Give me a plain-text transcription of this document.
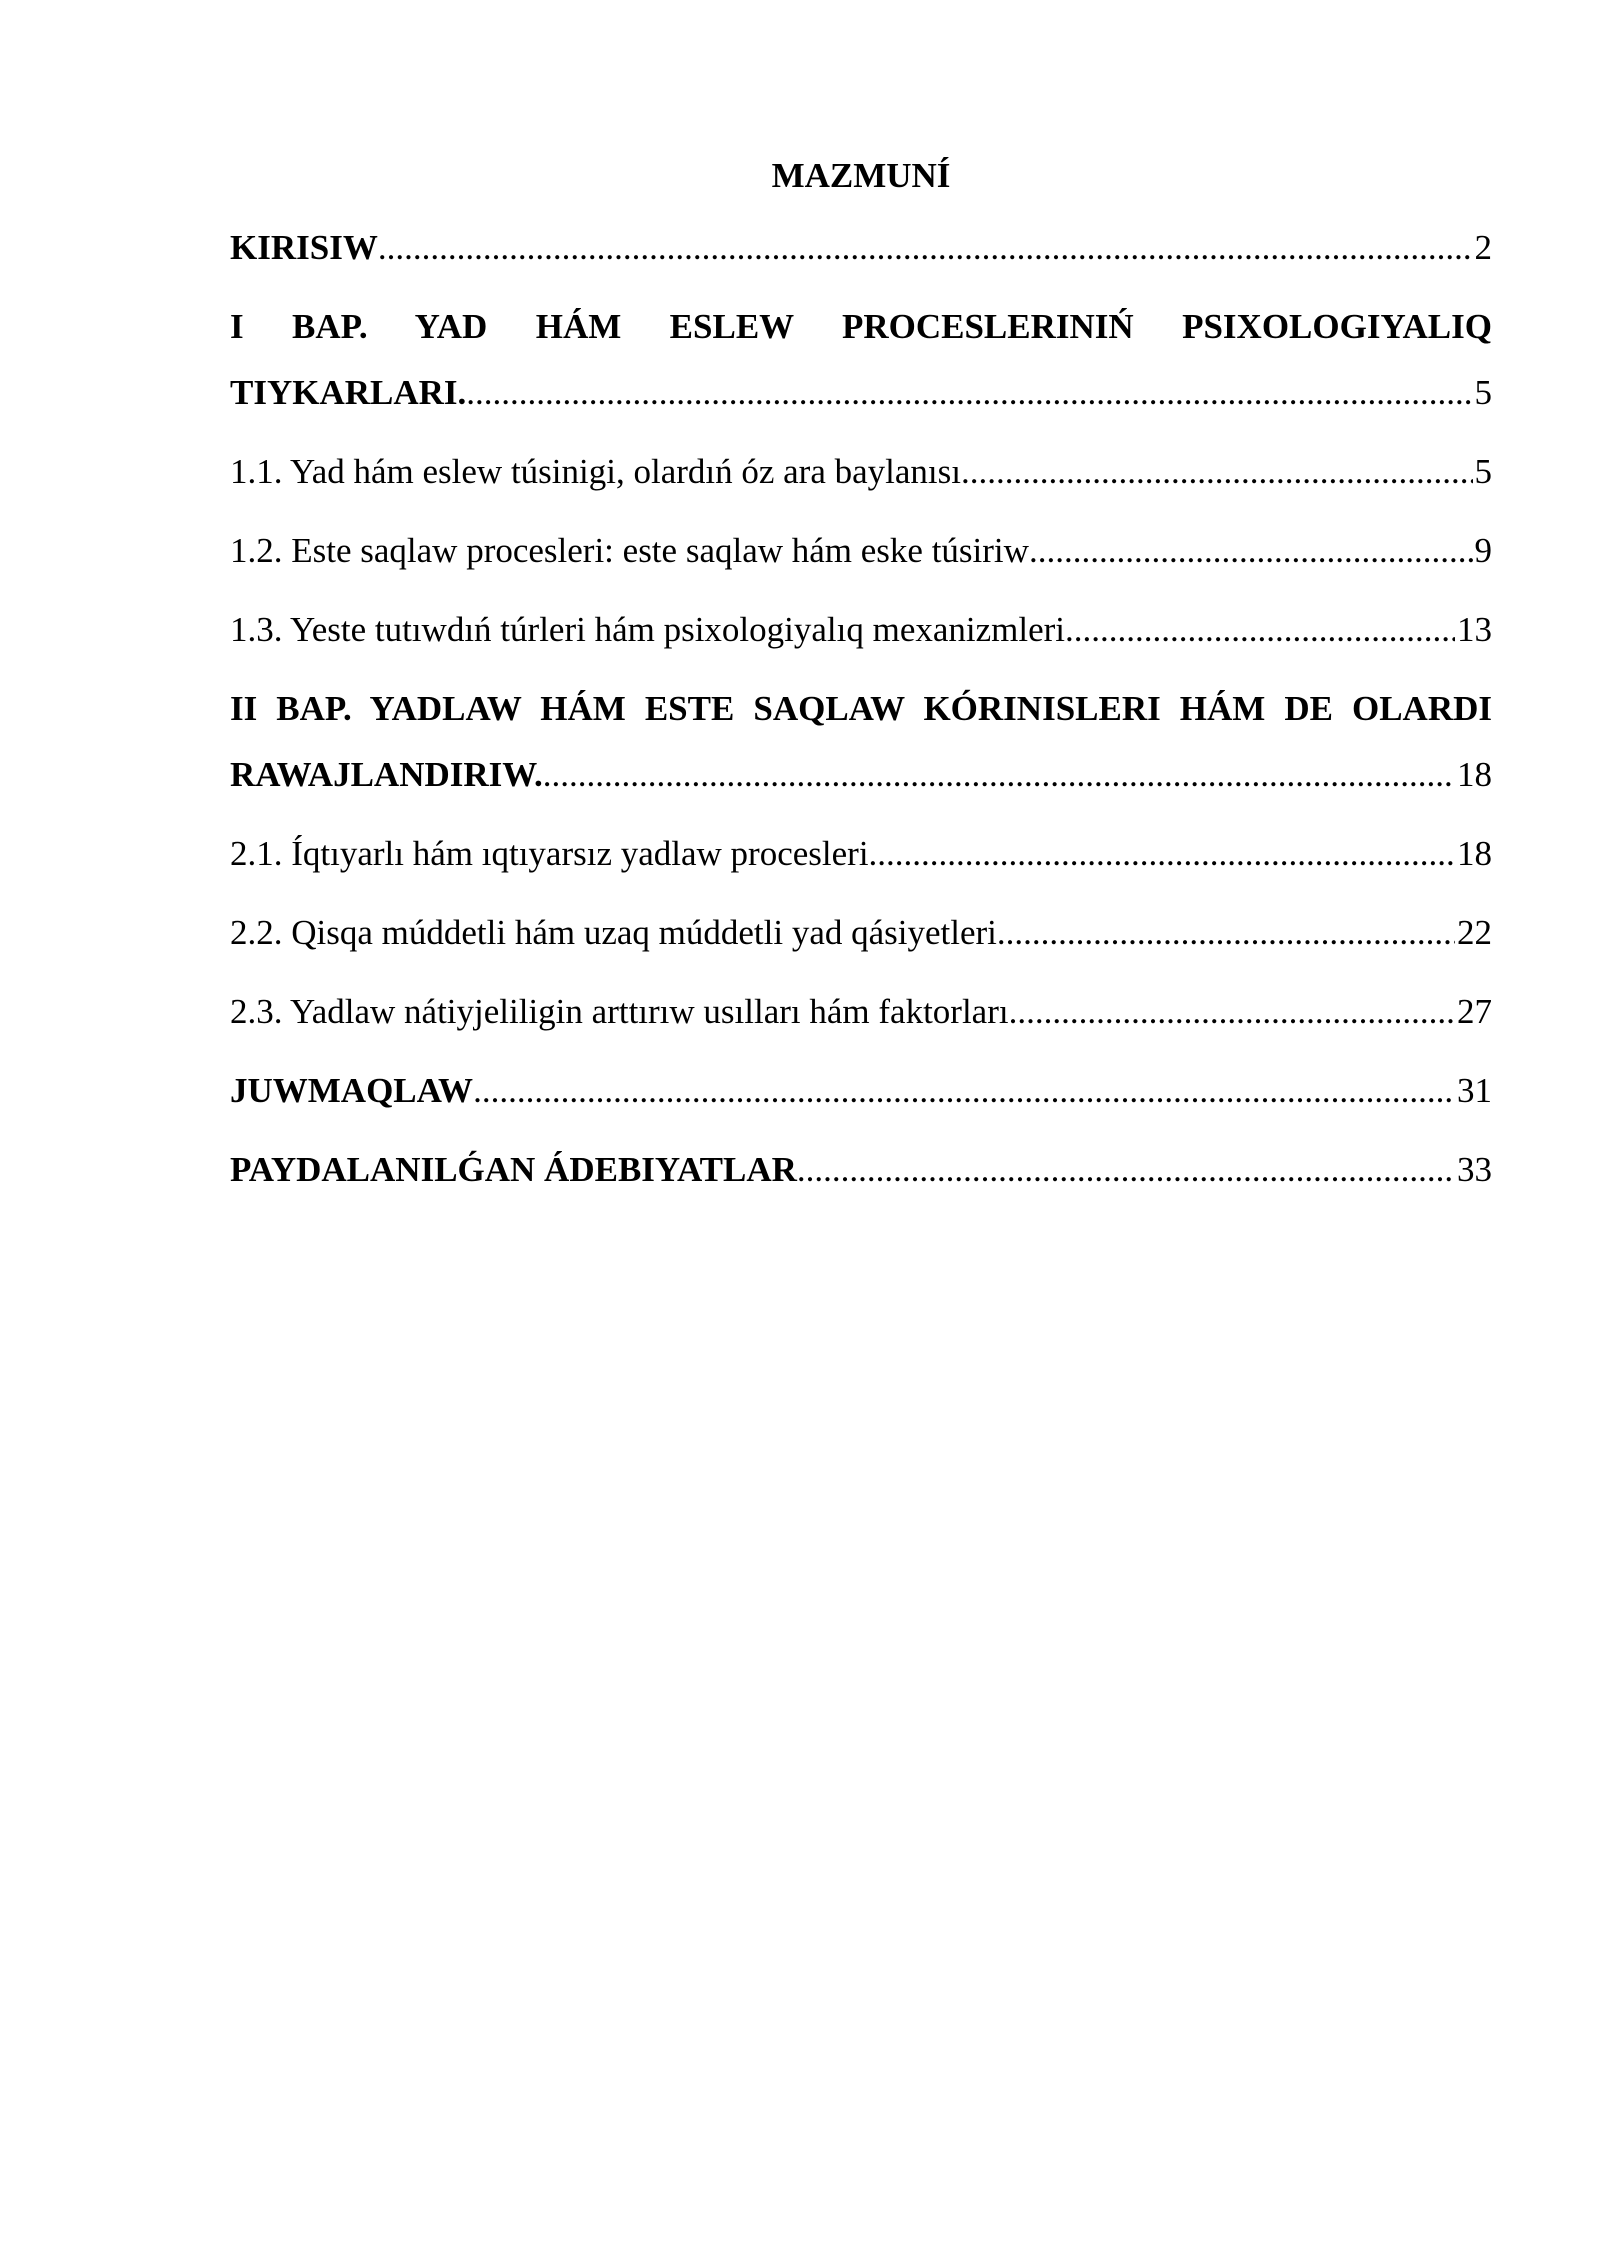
MAZMUNÍ
KIRISIW .....	2
I BAP. YAD HÁM ESLEW PROCESLERINIŃ PSIXOLOGIYALIQ
TIYKARLARI. .....	5
1.1. Yad hám eslew túsinigi, olardıń óz ara baylanısı .....	5
1.2. Este saqlaw procesleri: este saqlaw hám eske túsiriw .....	9
1.3. Yeste tutıwdıń túrleri hám psixologiyalıq mexanizmleri .....	13
II BAP. YADLAW HÁM ESTE SAQLAW KÓRINISLERI HÁM DE OLARDI
RAWAJLANDIRIW. .....	18
2.1. Íqtıyarlı hám ıqtıyarsız yadlaw procesleri .....	18
2.2. Qisqa múddetli hám uzaq múddetli yad qásiyetleri .....	22
2.3. Yadlaw nátiyjeliligin arttırıw usılları hám faktorları .....	27
JUWMAQLAW .....	31
PAYDALANILǴAN ÁDEBIYATLAR .....	33
